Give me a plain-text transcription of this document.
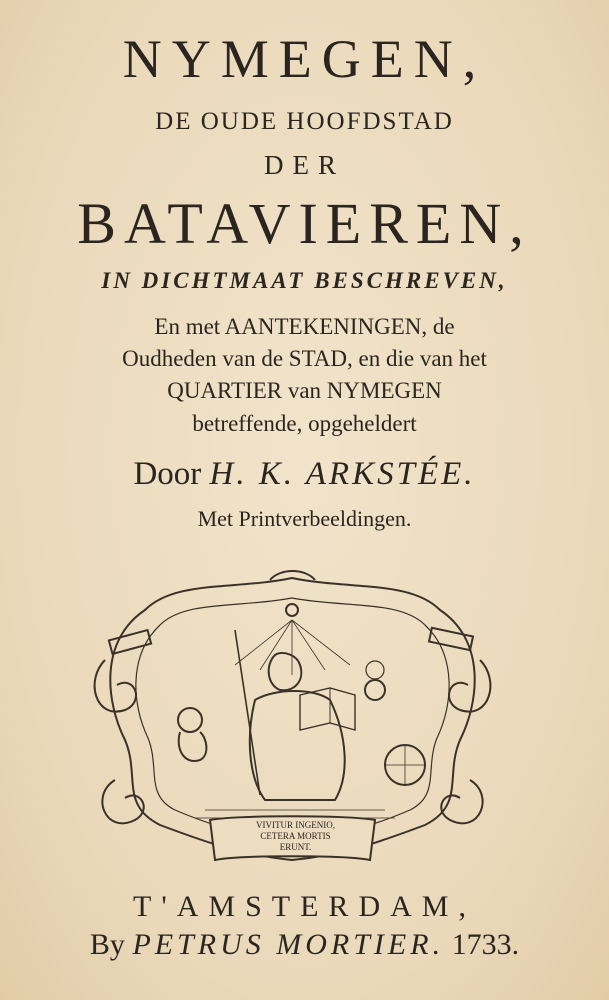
NYMEGEN,
DE OUDE HOOFDSTAD
DER
BATAVIEREN,
IN DICHTMAAT BESCHREVEN,
En met AANTEKENINGEN, de
Oudheden van de STAD, en die van het
QUARTIER van NYMEGEN
betreffende, opgeheldert
Door H. K. ARKSTÉE.
Met Printverbeeldingen.
VIVITUR INGENIO,
CETERA MORTIS
ERUNT.
T'AMSTERDAM,
By PETRUS MORTIER. 1733.
